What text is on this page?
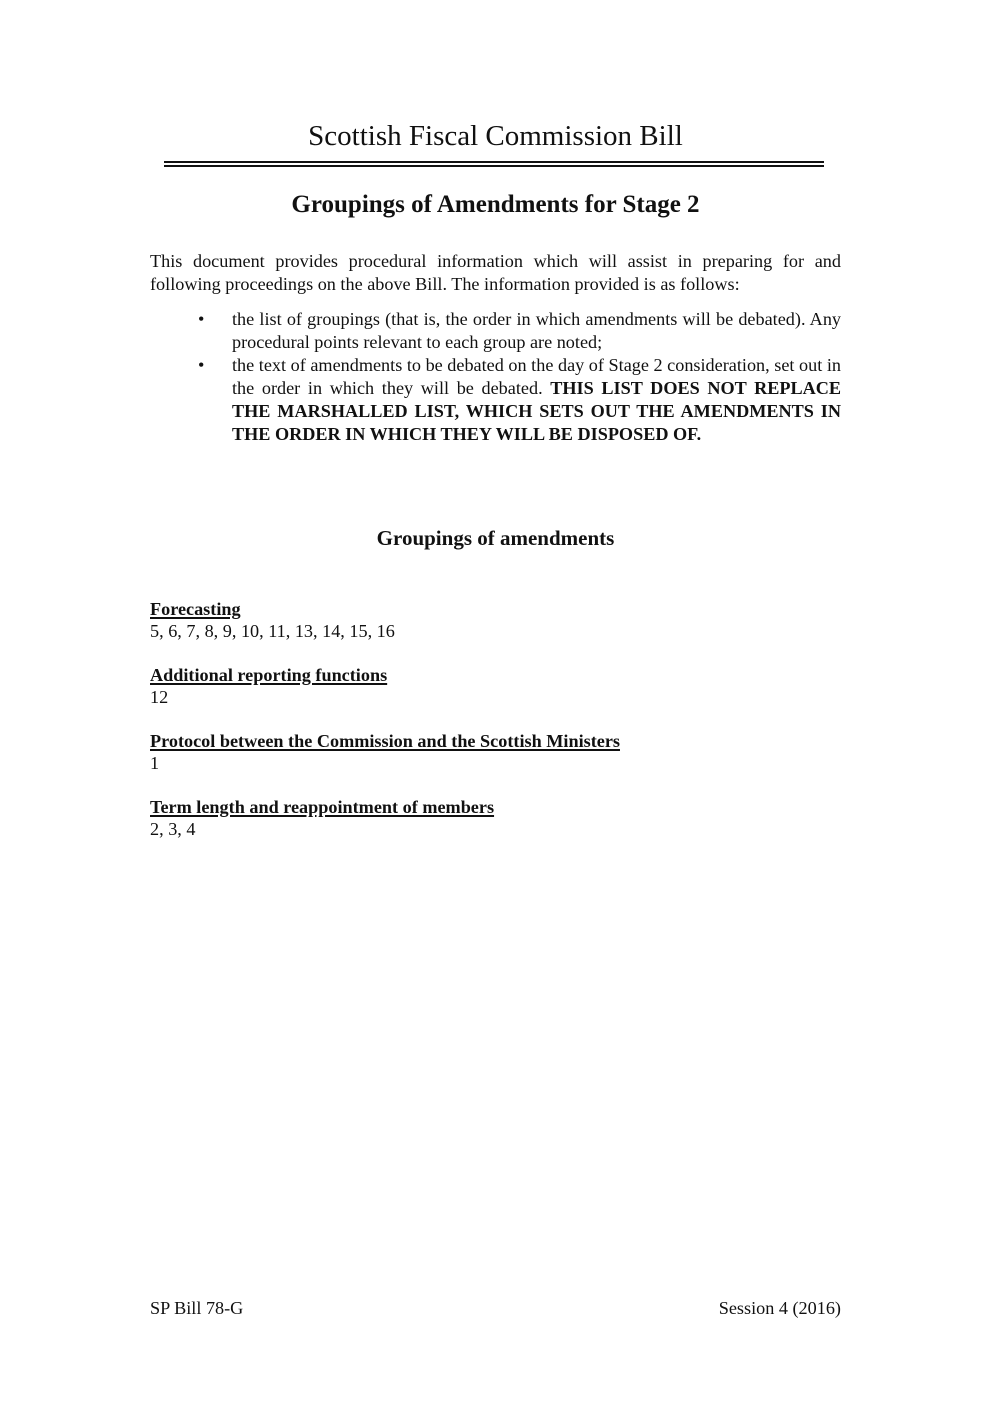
Scottish Fiscal Commission Bill
Groupings of Amendments for Stage 2

This document provides procedural information which will assist in preparing for and following proceedings on the above Bill. The information provided is as follows:

• the list of groupings (that is, the order in which amendments will be debated). Any procedural points relevant to each group are noted;
• the text of amendments to be debated on the day of Stage 2 consideration, set out in the order in which they will be debated. THIS LIST DOES NOT REPLACE THE MARSHALLED LIST, WHICH SETS OUT THE AMENDMENTS IN THE ORDER IN WHICH THEY WILL BE DISPOSED OF.
Groupings of amendments
Forecasting
5, 6, 7, 8, 9, 10, 11, 13, 14, 15, 16
Additional reporting functions
12
Protocol between the Commission and the Scottish Ministers
1
Term length and reappointment of members
2, 3, 4
SP Bill 78-G	Session 4 (2016)
